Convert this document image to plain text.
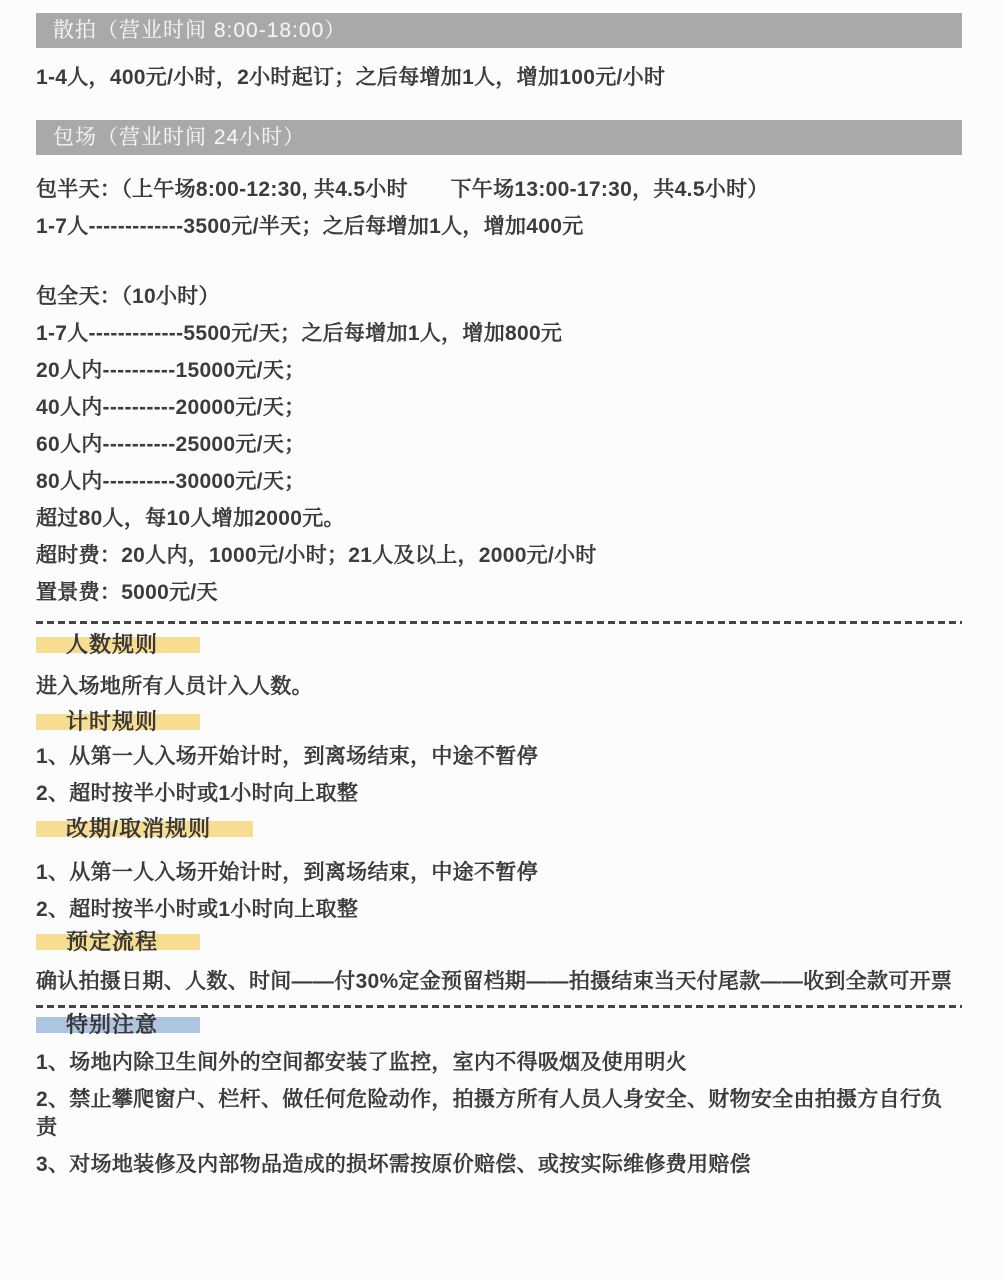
散拍（营业时间 8:00-18:00）

1-4人，400元/小时，2小时起订；之后每增加1人，增加100元/小时

包场（营业时间 24小时）

包半天：（上午场8:00-12:30, 共4.5小时　　下午场13:00-17:30，共4.5小时）

1-7人-------------3500元/半天；之后每增加1人，增加400元

包全天：（10小时）

1-7人-------------5500元/天；之后每增加1人，增加800元

20人内----------15000元/天；

40人内----------20000元/天；

60人内----------25000元/天；

80人内----------30000元/天；

超过80人，每10人增加2000元。

超时费：20人内，1000元/小时；21人及以上，2000元/小时

置景费：5000元/天

人数规则

进入场地所有人员计入人数。

计时规则

1、从第一人入场开始计时，到离场结束，中途不暂停

2、超时按半小时或1小时向上取整

改期/取消规则

1、从第一人入场开始计时，到离场结束，中途不暂停

2、超时按半小时或1小时向上取整

预定流程

确认拍摄日期、人数、时间——付30%定金预留档期——拍摄结束当天付尾款——收到全款可开票

特别注意

1、场地内除卫生间外的空间都安装了监控，室内不得吸烟及使用明火

2、禁止攀爬窗户、栏杆、做任何危险动作，拍摄方所有人员人身安全、财物安全由拍摄方自行负责

3、对场地装修及内部物品造成的损坏需按原价赔偿、或按实际维修费用赔偿
